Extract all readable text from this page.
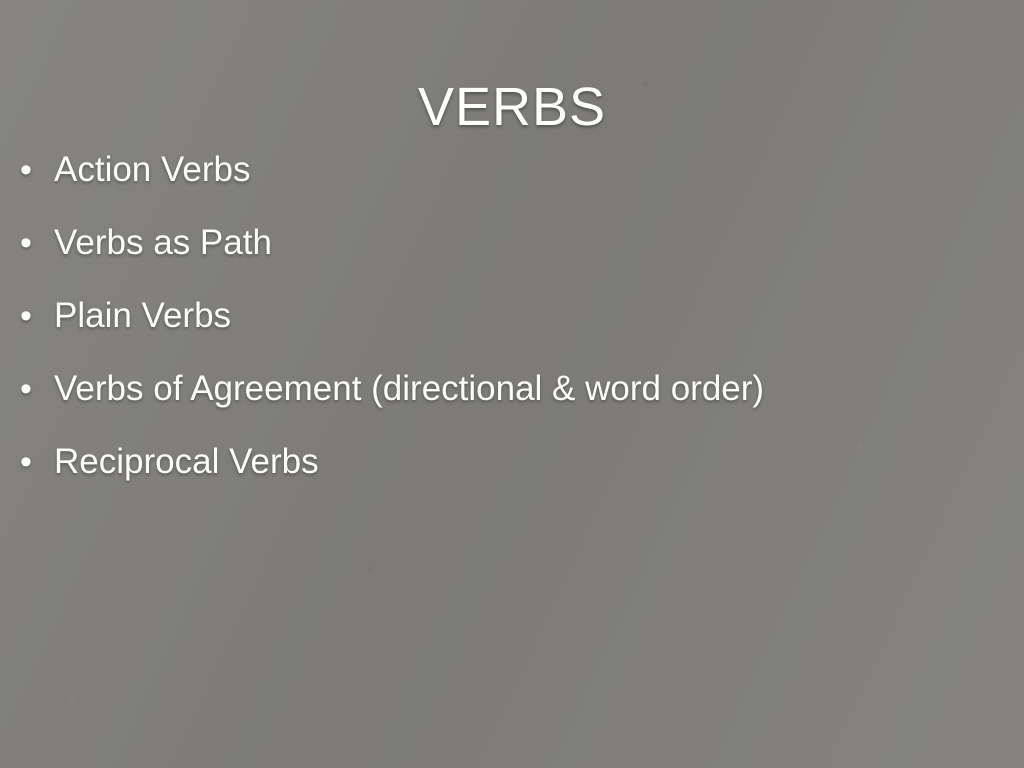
VERBS
• Action Verbs
• Verbs as Path
• Plain Verbs
• Verbs of Agreement (directional & word order)
• Reciprocal Verbs
